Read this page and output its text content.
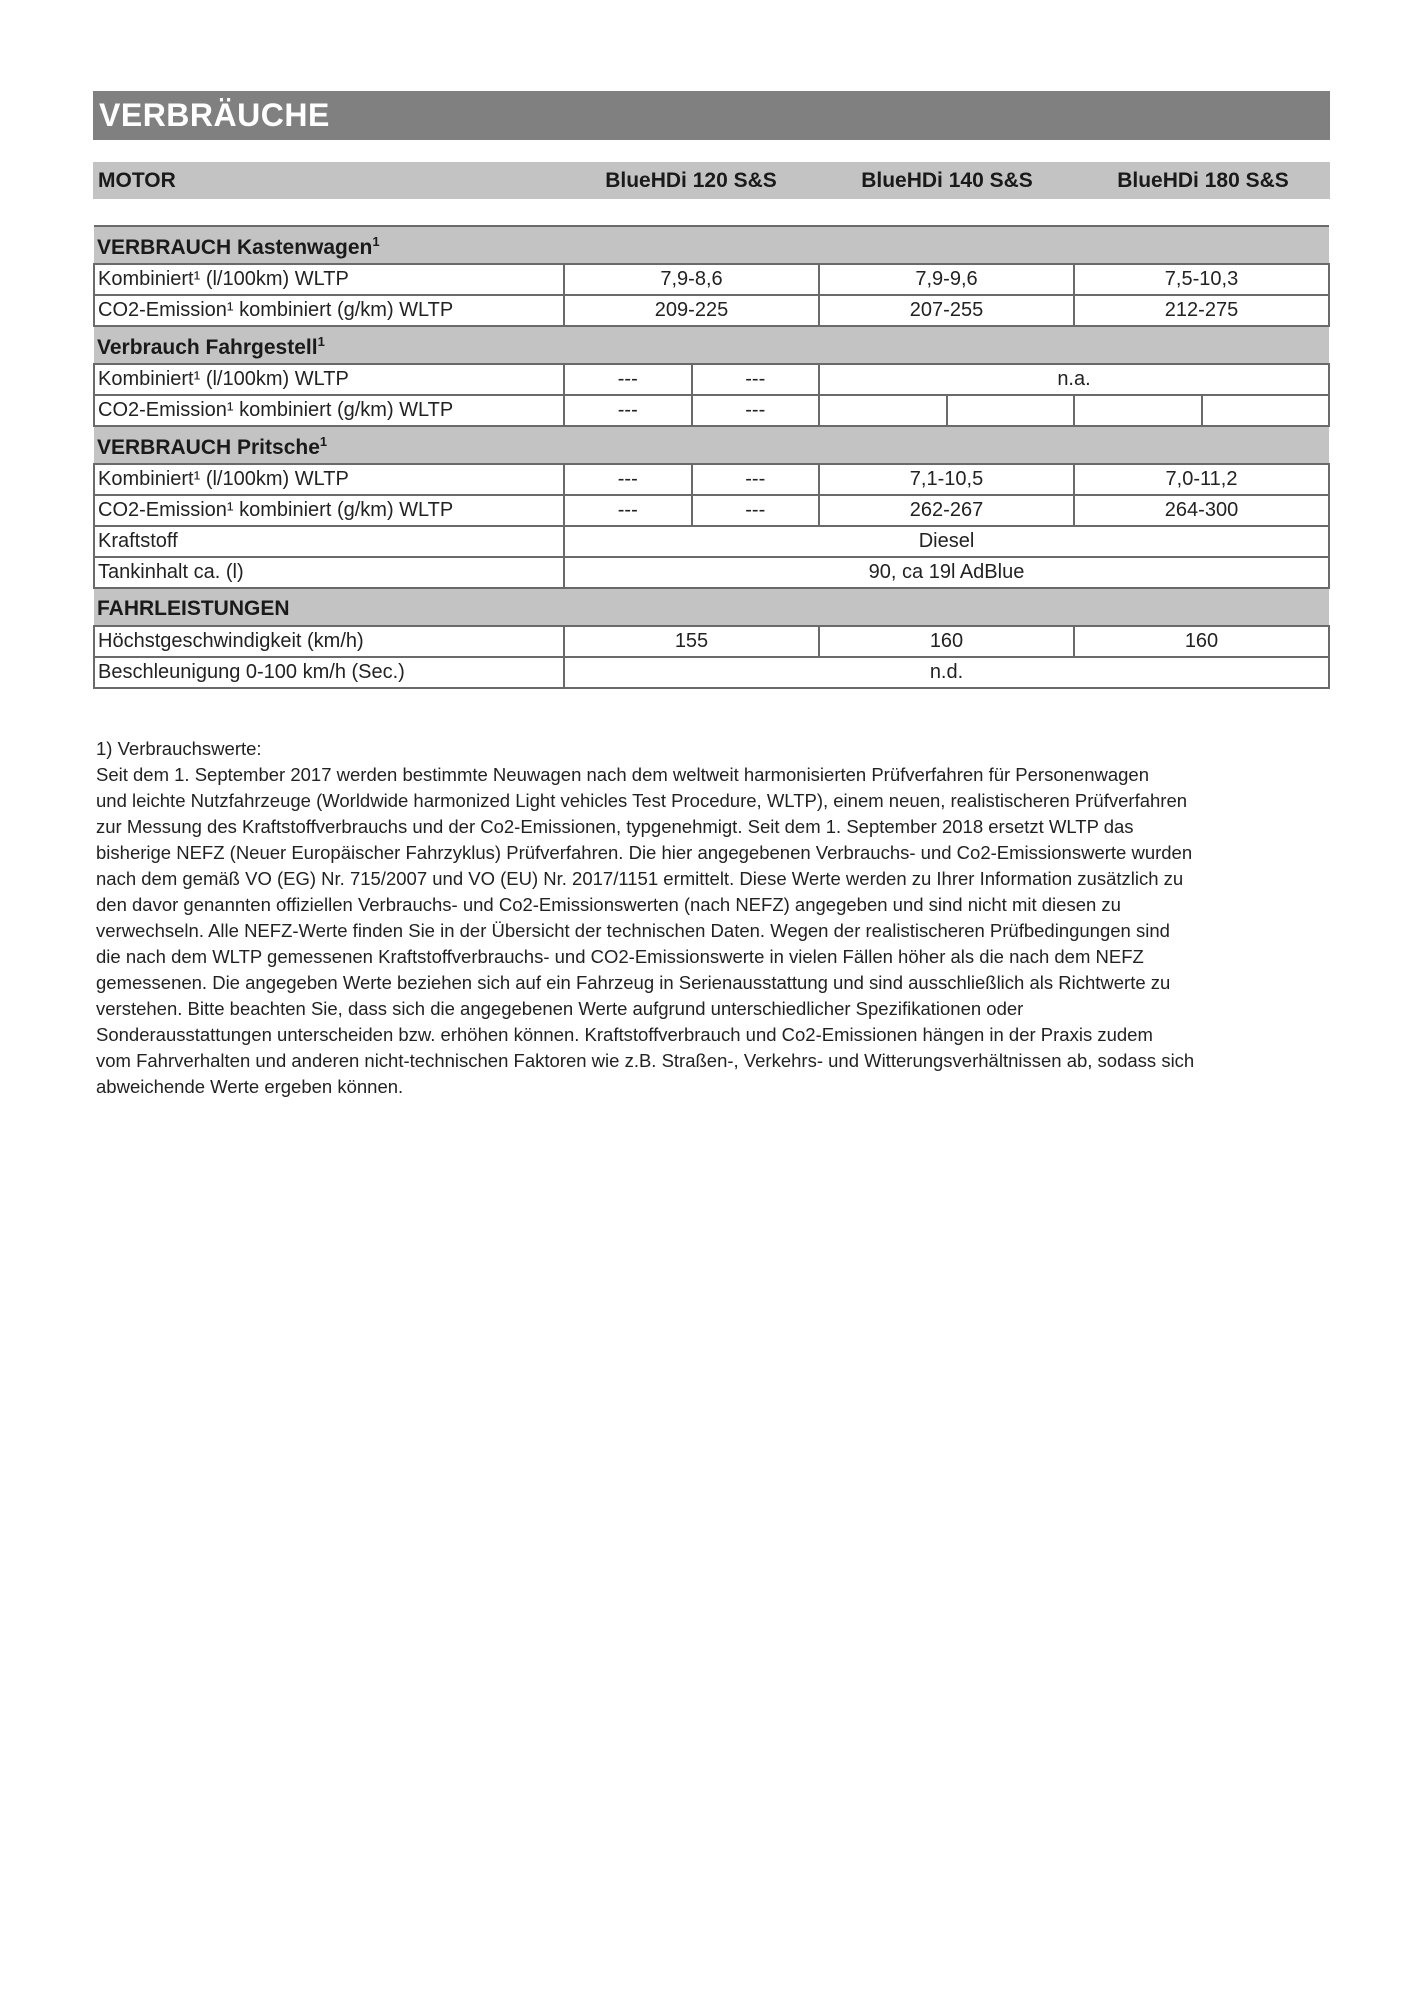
VERBRÄUCHE
MOTOR	BlueHDi 120 S&S	BlueHDi 140 S&S	BlueHDi 180 S&S
VERBRAUCH Kastenwagen$^1$
Kombiniert¹ (l/100km) WLTP	7,9-8,6		7,9-9,6		7,5-10,3	
CO2-Emission¹ kombiniert (g/km) WLTP	209-225		207-255		212-275	
Verbrauch Fahrgestell$^1$
Kombiniert¹ (l/100km) WLTP	---	---	n.a.			
CO2-Emission¹ kombiniert (g/km) WLTP	---	---				
VERBRAUCH Pritsche$^1$
Kombiniert¹ (l/100km) WLTP	---	---	7,1-10,5		7,0-11,2	
CO2-Emission¹ kombiniert (g/km) WLTP	---	---	262-267		264-300	
Kraftstoff	Diesel					
Tankinhalt ca. (l)	90, ca 19l AdBlue					
FAHRLEISTUNGEN						
Höchstgeschwindigkeit (km/h)	155		160		160	
Beschleunigung 0-100 km/h (Sec.)	n.d.					
1) Verbrauchswerte:
Seit dem 1. September 2017 werden bestimmte Neuwagen nach dem weltweit harmonisierten Prüfverfahren für Personenwagen
und leichte Nutzfahrzeuge (Worldwide harmonized Light vehicles Test Procedure, WLTP), einem neuen, realistischeren Prüfverfahren
zur Messung des Kraftstoffverbrauchs und der Co2-Emissionen, typgenehmigt. Seit dem 1. September 2018 ersetzt WLTP das
bisherige NEFZ (Neuer Europäischer Fahrzyklus) Prüfverfahren. Die hier angegebenen Verbrauchs- und Co2-Emissionswerte wurden
nach dem gemäß VO (EG) Nr. 715/2007 und VO (EU) Nr. 2017/1151 ermittelt. Diese Werte werden zu Ihrer Information zusätzlich zu
den davor genannten offiziellen Verbrauchs- und Co2-Emissionswerten (nach NEFZ) angegeben und sind nicht mit diesen zu
verwechseln. Alle NEFZ-Werte finden Sie in der Übersicht der technischen Daten. Wegen der realistischeren Prüfbedingungen sind
die nach dem WLTP gemessenen Kraftstoffverbrauchs- und CO2-Emissionswerte in vielen Fällen höher als die nach dem NEFZ
gemessenen. Die angegeben Werte beziehen sich auf ein Fahrzeug in Serienausstattung und sind ausschließlich als Richtwerte zu
verstehen. Bitte beachten Sie, dass sich die angegebenen Werte aufgrund unterschiedlicher Spezifikationen oder
Sonderausstattungen unterscheiden bzw. erhöhen können. Kraftstoffverbrauch und Co2-Emissionen hängen in der Praxis zudem
vom Fahrverhalten und anderen nicht-technischen Faktoren wie z.B. Straßen-, Verkehrs- und Witterungsverhältnissen ab, sodass sich
abweichende Werte ergeben können.
